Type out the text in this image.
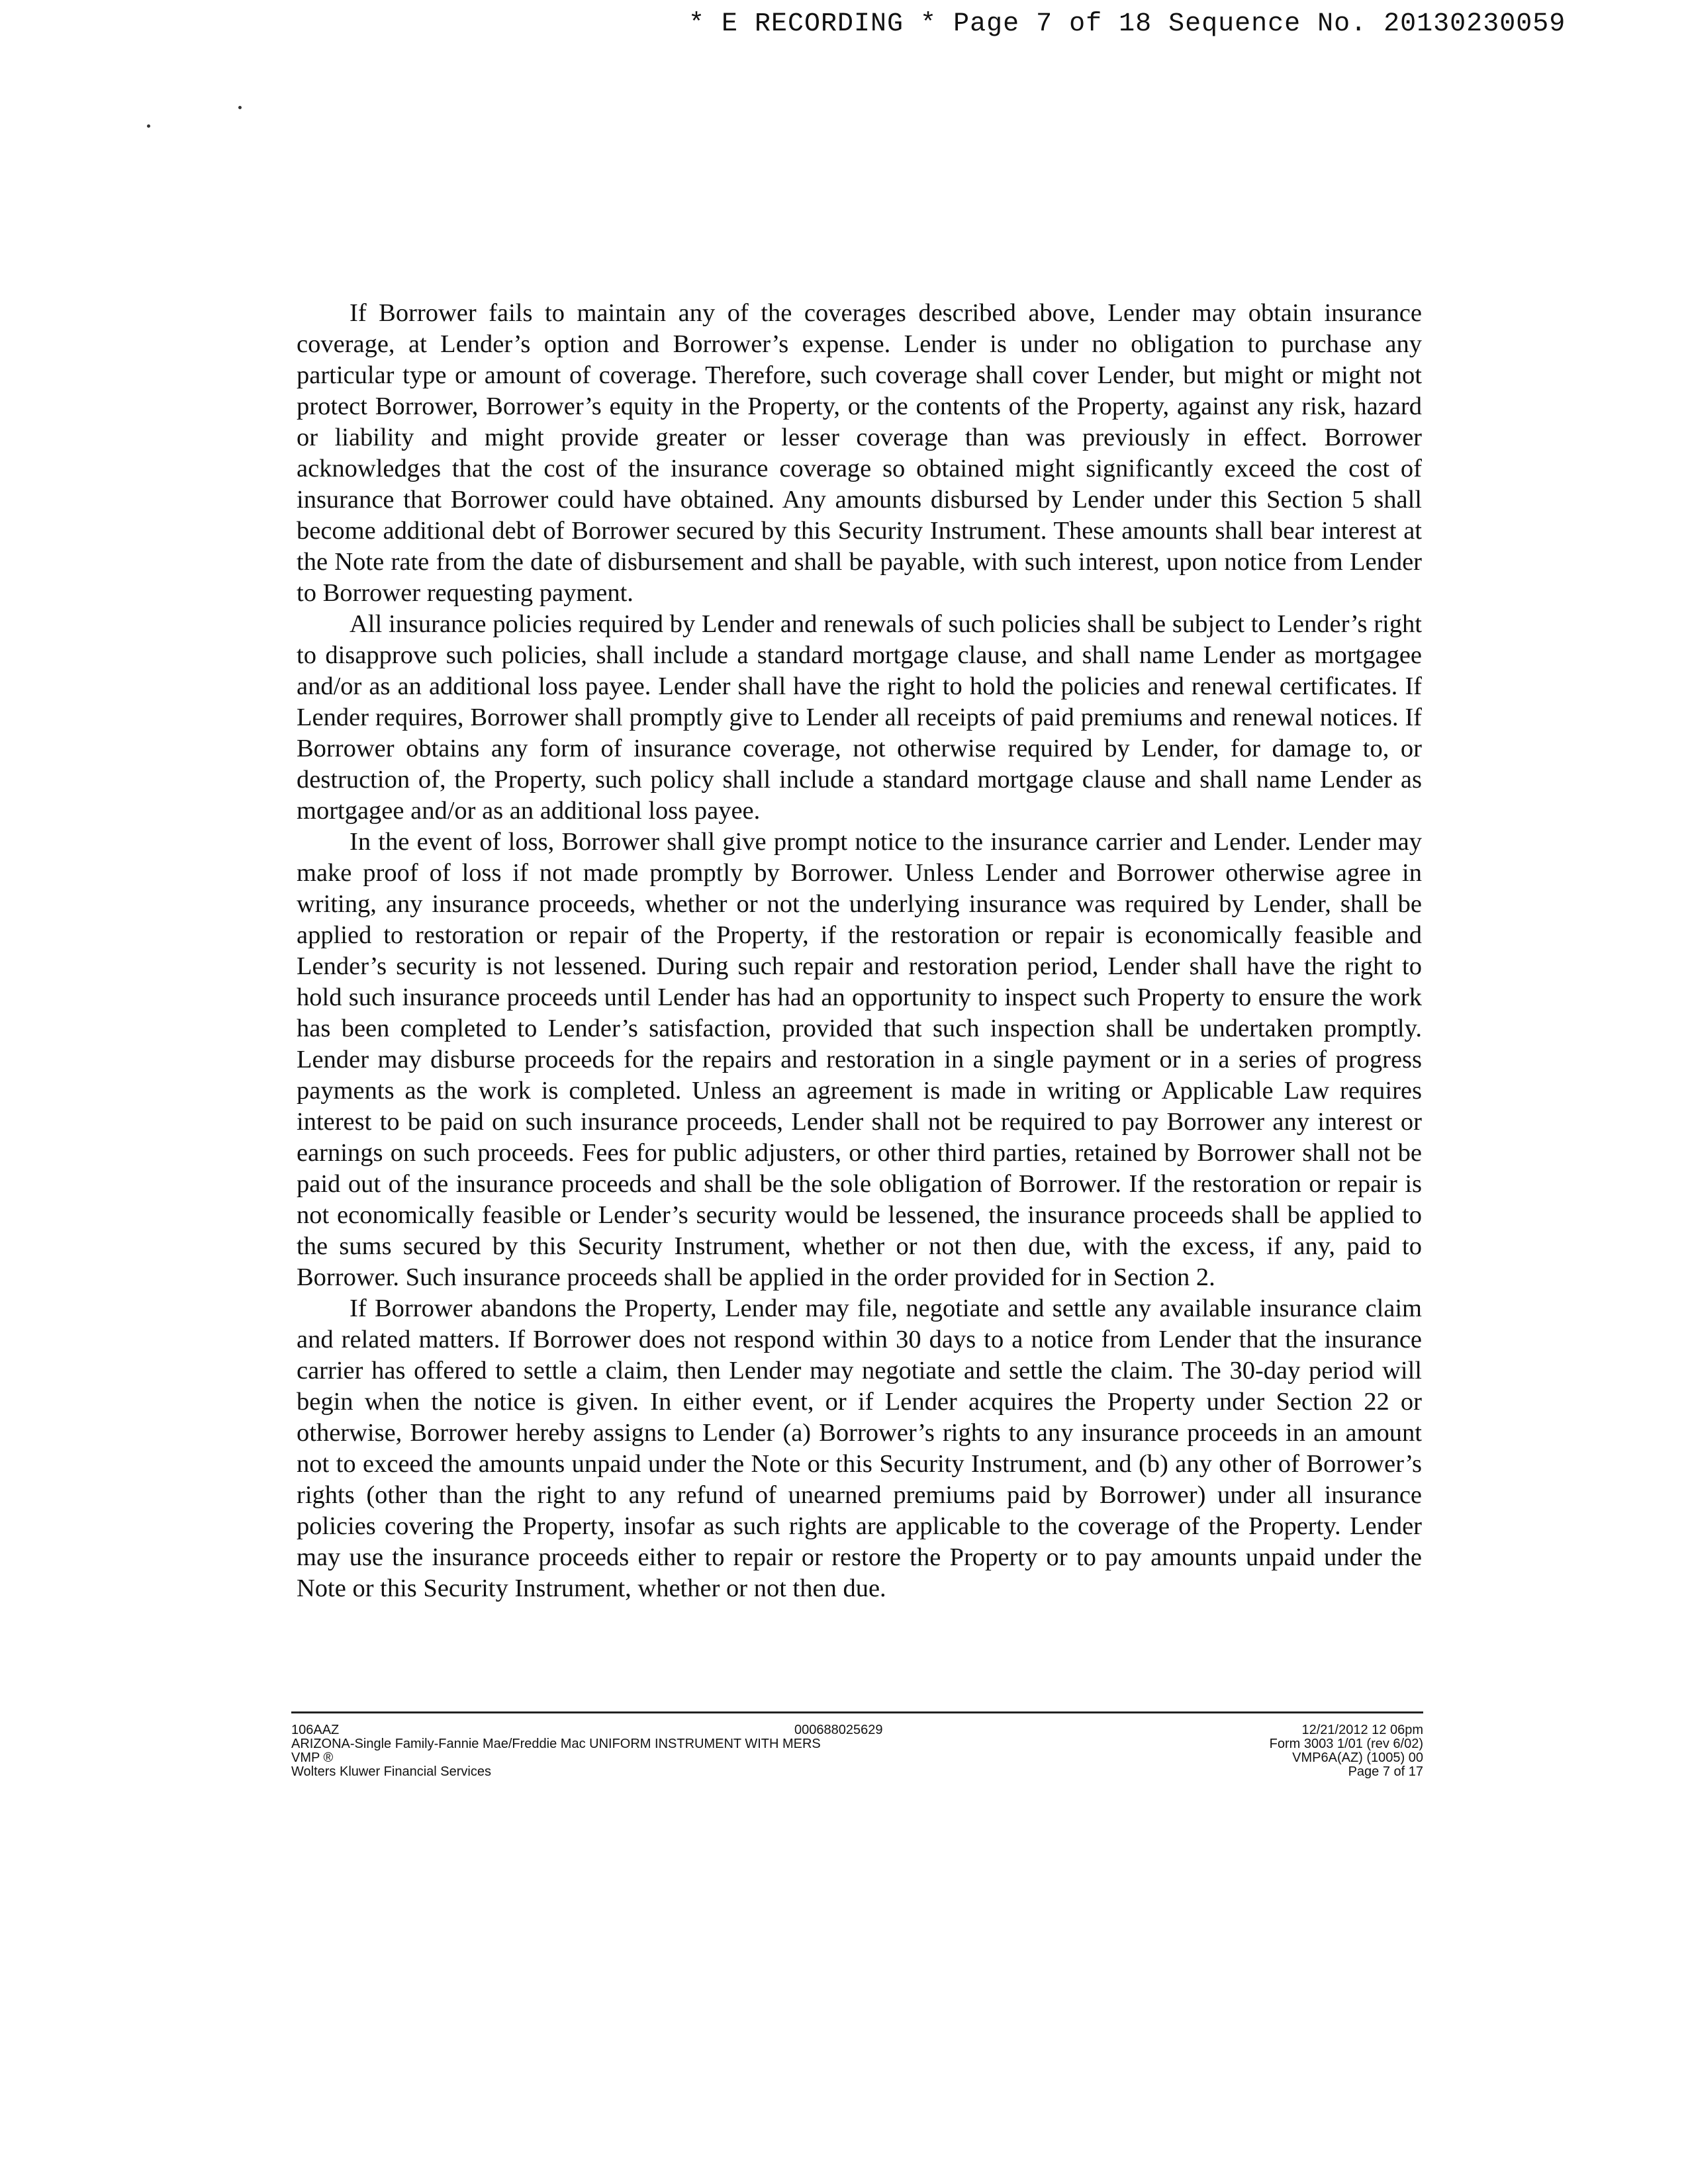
* E RECORDING * Page 7 of 18 Sequence No. 20130230059

If Borrower fails to maintain any of the coverages described above, Lender may obtain insurance coverage, at Lender’s option and Borrower’s expense. Lender is under no obligation to purchase any particular type or amount of coverage. Therefore, such coverage shall cover Lender, but might or might not protect Borrower, Borrower’s equity in the Property, or the contents of the Property, against any risk, hazard or liability and might provide greater or lesser coverage than was previously in effect. Borrower acknowledges that the cost of the insurance coverage so obtained might significantly exceed the cost of insurance that Borrower could have obtained. Any amounts disbursed by Lender under this Section 5 shall become additional debt of Borrower secured by this Security Instrument. These amounts shall bear interest at the Note rate from the date of disbursement and shall be payable, with such interest, upon notice from Lender to Borrower requesting payment.

All insurance policies required by Lender and renewals of such policies shall be subject to Lender’s right to disapprove such policies, shall include a standard mortgage clause, and shall name Lender as mortgagee and/or as an additional loss payee. Lender shall have the right to hold the policies and renewal certificates. If Lender requires, Borrower shall promptly give to Lender all receipts of paid premiums and renewal notices. If Borrower obtains any form of insurance coverage, not otherwise required by Lender, for damage to, or destruction of, the Property, such policy shall include a standard mortgage clause and shall name Lender as mortgagee and/or as an additional loss payee.

In the event of loss, Borrower shall give prompt notice to the insurance carrier and Lender. Lender may make proof of loss if not made promptly by Borrower. Unless Lender and Borrower otherwise agree in writing, any insurance proceeds, whether or not the underlying insurance was required by Lender, shall be applied to restoration or repair of the Property, if the restoration or repair is economically feasible and Lender’s security is not lessened. During such repair and restoration period, Lender shall have the right to hold such insurance proceeds until Lender has had an opportunity to inspect such Property to ensure the work has been completed to Lender’s satisfaction, provided that such inspection shall be undertaken promptly. Lender may disburse proceeds for the repairs and restoration in a single payment or in a series of progress payments as the work is completed. Unless an agreement is made in writing or Applicable Law requires interest to be paid on such insurance proceeds, Lender shall not be required to pay Borrower any interest or earnings on such proceeds. Fees for public adjusters, or other third parties, retained by Borrower shall not be paid out of the insurance proceeds and shall be the sole obligation of Borrower. If the restoration or repair is not economically feasible or Lender’s security would be lessened, the insurance proceeds shall be applied to the sums secured by this Security Instrument, whether or not then due, with the excess, if any, paid to Borrower. Such insurance proceeds shall be applied in the order provided for in Section 2.

If Borrower abandons the Property, Lender may file, negotiate and settle any available insurance claim and related matters. If Borrower does not respond within 30 days to a notice from Lender that the insurance carrier has offered to settle a claim, then Lender may negotiate and settle the claim. The 30-day period will begin when the notice is given. In either event, or if Lender acquires the Property under Section 22 or otherwise, Borrower hereby assigns to Lender (a) Borrower’s rights to any insurance proceeds in an amount not to exceed the amounts unpaid under the Note or this Security Instrument, and (b) any other of Borrower’s rights (other than the right to any refund of unearned premiums paid by Borrower) under all insurance policies covering the Property, insofar as such rights are applicable to the coverage of the Property. Lender may use the insurance proceeds either to repair or restore the Property or to pay amounts unpaid under the Note or this Security Instrument, whether or not then due.

106AAZ
ARIZONA-Single Family-Fannie Mae/Freddie Mac UNIFORM INSTRUMENT WITH MERS
VMP ®
Wolters Kluwer Financial Services
000688025629	12/21/2012 12 06pm
Form 3003 1/01 (rev 6/02)
VMP6A(AZ) (1005) 00
Page 7 of 17
